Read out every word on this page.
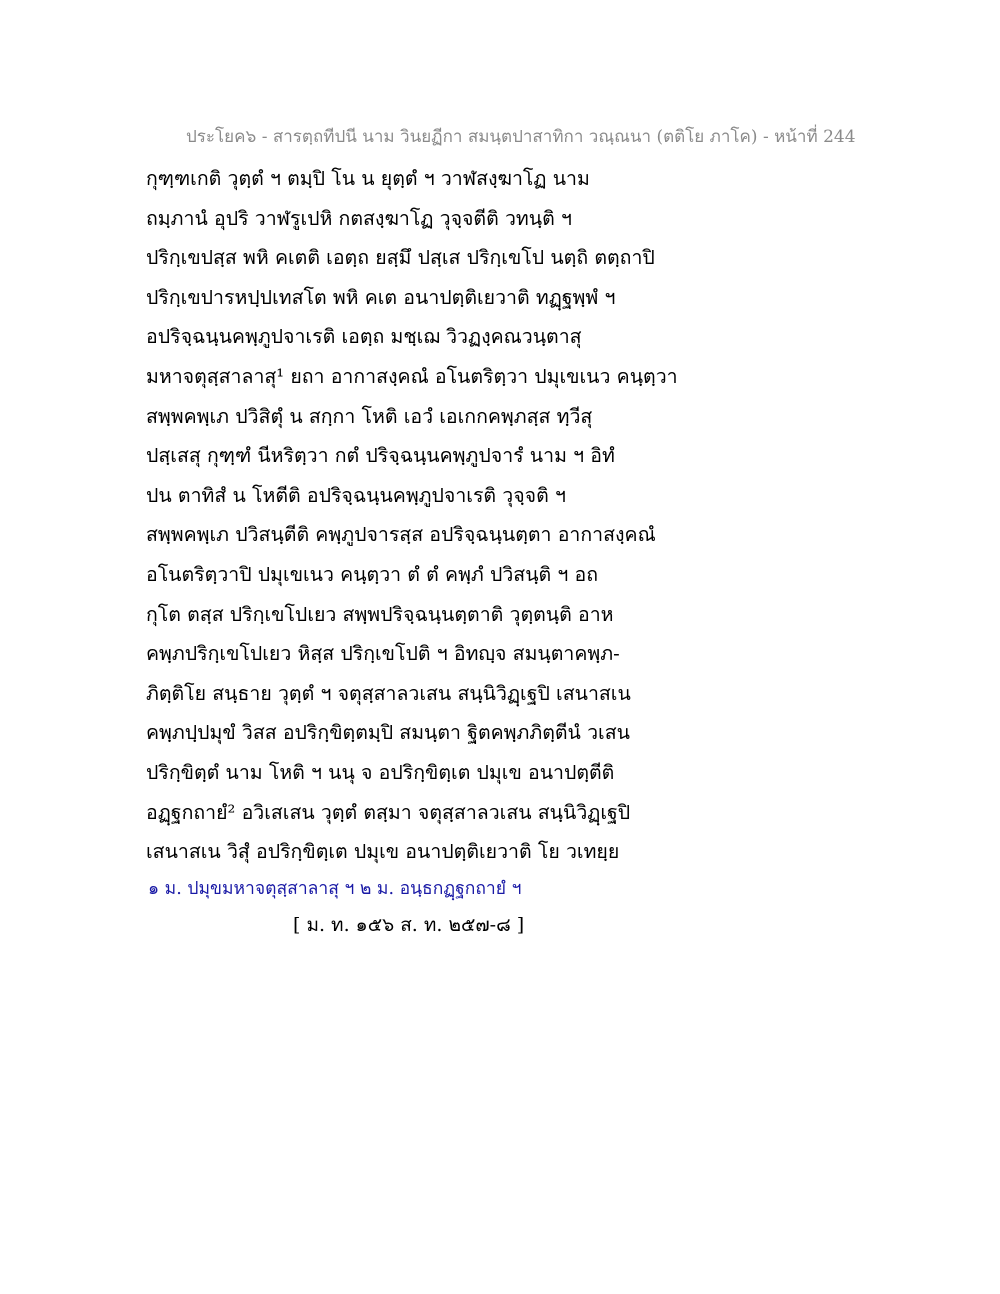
ประโยค๖ - สารตฺถทีปนี นาม วินยฏีกา สมนฺตปาสาทิกา วณฺณนา (ตติโย ภาโค) - หน้าที่ 244
กุฑฺฑเกติ วุตฺตํ ฯ ตมฺปิ โน น ยุตฺตํ ฯ วาฬสงฺฆาโฏ นาม
ถมฺภานํ อุปริ วาฬรูเปหิ กตสงฺฆาโฏ วุจฺจตีติ วทนฺติ ฯ
ปริกฺเขปสฺส พหิ คเตติ เอตฺถ ยสฺมึ ปสฺเส ปริกฺเขโป นตฺถิ ตตฺถาปิ
ปริกฺเขปารหปฺปเทสโต พหิ คเต อนาปตฺติเยวาติ ทฏฺฐพฺพํ ฯ
อปริจฺฉนฺนคพฺภูปจาเรติ เอตฺถ มชฺเฌ วิวฏงฺคณวนฺตาสุ
มหาจตุสฺสาลาสุ¹ ยถา อากาสงฺคณํ อโนตริตฺวา ปมุเขเนว คนฺตฺวา
สพฺพคพฺเภ ปวิสิตุํ น สกฺกา โหติ เอวํ เอเกกคพฺภสฺส ทฺวีสุ
ปสฺเสสุ กุฑฺฑํ นีหริตฺวา กตํ ปริจฺฉนฺนคพฺภูปจารํ นาม ฯ อิทํ
ปน ตาทิสํ น โหตีติ อปริจฺฉนฺนคพฺภูปจาเรติ วุจฺจติ ฯ
สพฺพคพฺเภ ปวิสนฺตีติ คพฺภูปจารสฺส อปริจฺฉนฺนตฺตา อากาสงฺคณํ
อโนตริตฺวาปิ ปมุเขเนว คนฺตฺวา ตํ ตํ คพฺภํ ปวิสนฺติ ฯ อถ
กุโต ตสฺส ปริกฺเขโปเยว สพฺพปริจฺฉนฺนตฺตาติ วุตฺตนฺติ อาห
คพฺภปริกฺเขโปเยว หิสฺส ปริกฺเขโปติ ฯ อิทญฺจ สมนฺตาคพฺภ-
ภิตฺติโย สนฺธาย วุตฺตํ ฯ จตุสฺสาลวเสน สนฺนิวิฏฺเฐปิ เสนาสเน
คพฺภปฺปมุขํ วิสส อปริกฺขิตฺตมฺปิ สมนฺตา ฐิตคพฺภภิตฺตีนํ วเสน
ปริกฺขิตฺตํ นาม โหติ ฯ นนุ จ อปริกฺขิตฺเต ปมุเข อนาปตฺตีติ
อฏฺฐกถายํ² อวิเสเสน วุตฺตํ ตสฺมา จตุสฺสาลวเสน สนฺนิวิฏฺเฐปิ
เสนาสเน วิสุํ อปริกฺขิตฺเต ปมุเข อนาปตฺติเยวาติ โย วเทยฺย
๑ ม. ปมุขมหาจตุสฺสาลาสุ ฯ ๒ ม. อนฺธกฏฺฐกถายํ ฯ
[ ม. ท. ๑๕๖ ส. ท. ๒๕๗-๘ ]
